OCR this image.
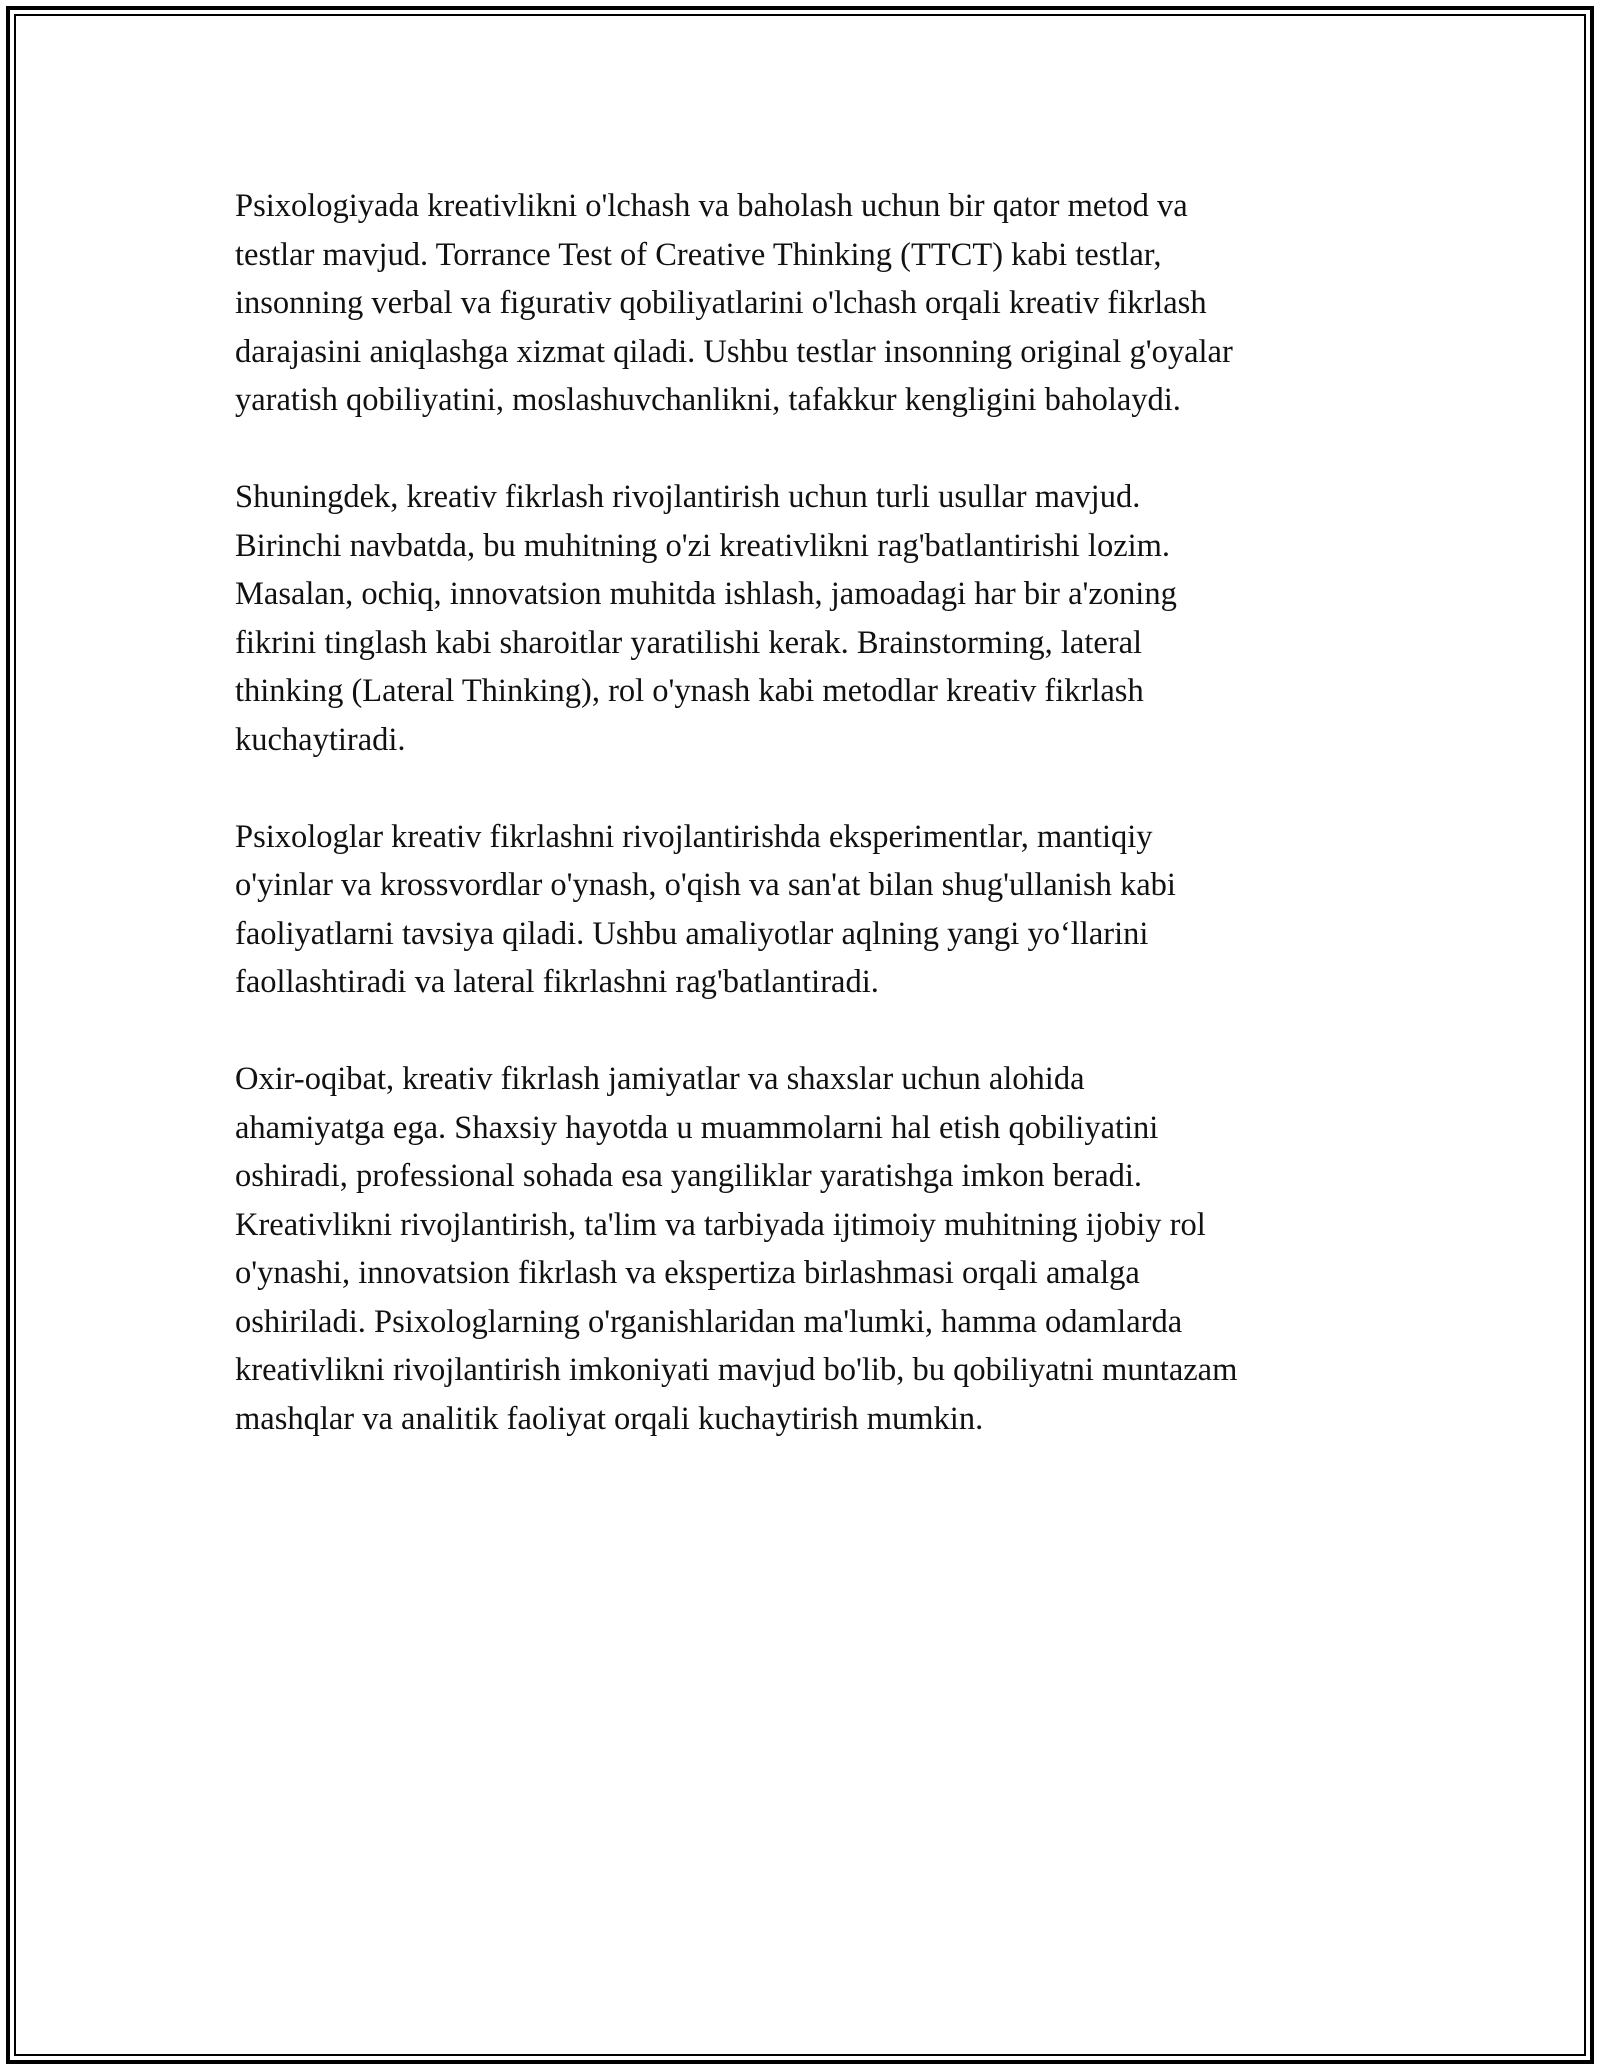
Psixologiyada kreativlikni o'lchash va baholash uchun bir qator metod va
testlar mavjud. Torrance Test of Creative Thinking (TTCT) kabi testlar,
insonning verbal va figurativ qobiliyatlarini o'lchash orqali kreativ fikrlash
darajasini aniqlashga xizmat qiladi. Ushbu testlar insonning original g'oyalar
yaratish qobiliyatini, moslashuvchanlikni, tafakkur kengligini baholaydi.

Shuningdek, kreativ fikrlash rivojlantirish uchun turli usullar mavjud.
Birinchi navbatda, bu muhitning o'zi kreativlikni rag'batlantirishi lozim.
Masalan, ochiq, innovatsion muhitda ishlash, jamoadagi har bir a'zoning
fikrini tinglash kabi sharoitlar yaratilishi kerak. Brainstorming, lateral
thinking (Lateral Thinking), rol o'ynash kabi metodlar kreativ fikrlash
kuchaytiradi.

Psixologlar kreativ fikrlashni rivojlantirishda eksperimentlar, mantiqiy
o'yinlar va krossvordlar o'ynash, o'qish va san'at bilan shug'ullanish kabi
faoliyatlarni tavsiya qiladi. Ushbu amaliyotlar aqlning yangi yo‘llarini
faollashtiradi va lateral fikrlashni rag'batlantiradi.

Oxir-oqibat, kreativ fikrlash jamiyatlar va shaxslar uchun alohida
ahamiyatga ega. Shaxsiy hayotda u muammolarni hal etish qobiliyatini
oshiradi, professional sohada esa yangiliklar yaratishga imkon beradi.
Kreativlikni rivojlantirish, ta'lim va tarbiyada ijtimoiy muhitning ijobiy rol
o'ynashi, innovatsion fikrlash va ekspertiza birlashmasi orqali amalga
oshiriladi. Psixologlarning o'rganishlaridan ma'lumki, hamma odamlarda
kreativlikni rivojlantirish imkoniyati mavjud bo'lib, bu qobiliyatni muntazam
mashqlar va analitik faoliyat orqali kuchaytirish mumkin.
